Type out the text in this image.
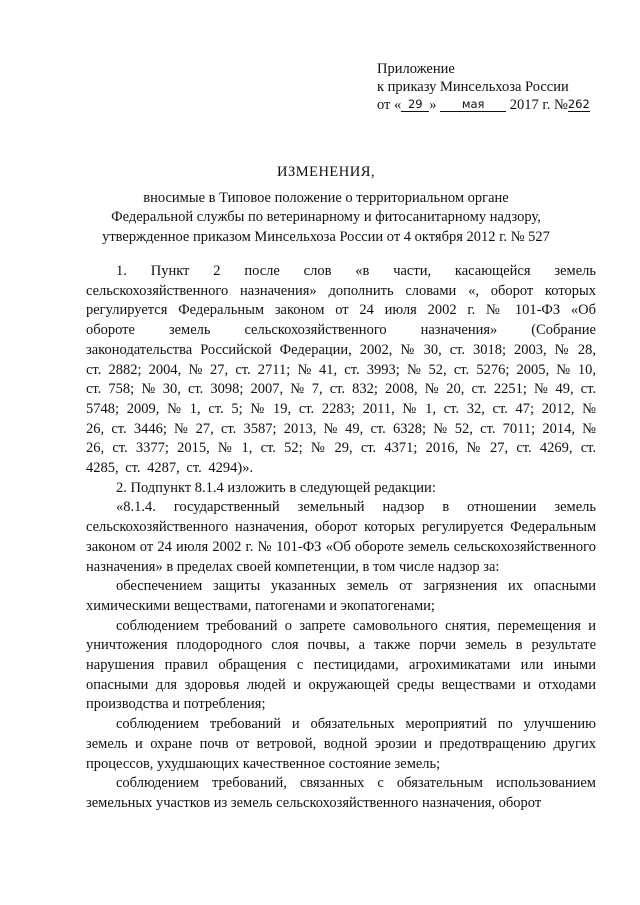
Приложение
к приказу Минсельхоза России
от « 29 » мая 2017 г. №262
ИЗМЕНЕНИЯ,
вносимые в Типовое положение о территориальном органе
Федеральной службы по ветеринарному и фитосанитарному надзору,
утвержденное приказом Минсельхоза России от 4 октября 2012 г. № 527

1. Пункт 2 после слов «в части, касающейся земель сельскохозяйственного назначения» дополнить словами «, оборот которых регулируется Федеральным законом от 24 июля 2002 г. № 101-ФЗ «Об обороте земель сельскохозяйственного назначения» (Собрание законодательства Российской Федерации, 2002, № 30, ст. 3018; 2003, № 28, ст. 2882; 2004, № 27, ст. 2711; № 41, ст. 3993; № 52, ст. 5276; 2005, № 10, ст. 758; № 30, ст. 3098; 2007, № 7, ст. 832; 2008, № 20, ст. 2251; № 49, ст. 5748; 2009, № 1, ст. 5; № 19, ст. 2283; 2011, № 1, ст. 32, ст. 47; 2012, № 26, ст. 3446; № 27, ст. 3587; 2013, № 49, ст. 6328; № 52, ст. 7011; 2014, № 26, ст. 3377; 2015, № 1, ст. 52; № 29, ст. 4371; 2016, № 27, ст. 4269, ст. 4285, ст. 4287, ст. 4294)».

2. Подпункт 8.1.4 изложить в следующей редакции:

«8.1.4. государственный земельный надзор в отношении земель сельскохозяйственного назначения, оборот которых регулируется Федеральным законом от 24 июля 2002 г. № 101-ФЗ «Об обороте земель сельскохозяйственного назначения» в пределах своей компетенции, в том числе надзор за:

обеспечением защиты указанных земель от загрязнения их опасными химическими веществами, патогенами и экопатогенами;

соблюдением требований о запрете самовольного снятия, перемещения и уничтожения плодородного слоя почвы, а также порчи земель в результате нарушения правил обращения с пестицидами, агрохимикатами или иными опасными для здоровья людей и окружающей среды веществами и отходами производства и потребления;

соблюдением требований и обязательных мероприятий по улучшению земель и охране почв от ветровой, водной эрозии и предотвращению других процессов, ухудшающих качественное состояние земель;

соблюдением требований, связанных с обязательным использованием земельных участков из земель сельскохозяйственного назначения, оборот
